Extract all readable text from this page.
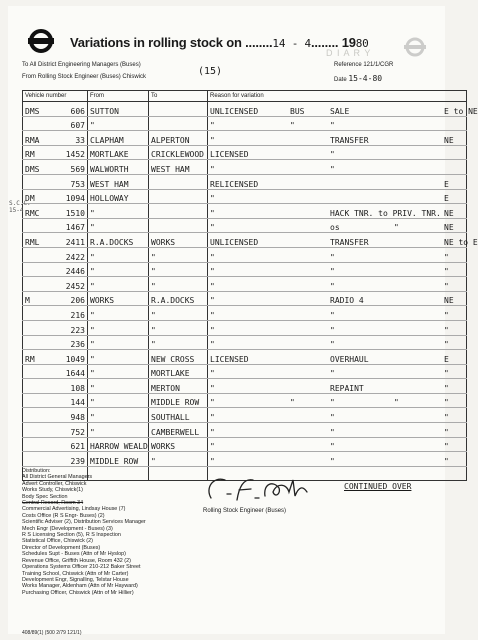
Variations in rolling stock on ........14 - 4........ 1980
D I A R Y
To All District Engineering Managers (Buses)
From Rolling Stock Engineer (Buses) Chiswick	(15)
Reference 121/1/CGR
Date 15-4-80
Vehicle number	From	To	Reason for variation

DMS 606	SUTTON		UNLICENSED BUS SALE E to NE

607	"		" " "

RMA 33	CLAPHAM	ALPERTON	" TRANSFER NE

RM 1452	MORTLAKE	CRICKLEWOOD	LICENSED "

DMS 569	WALWORTH	WEST HAM	" "

753	WEST HAM		RELICENSED E

DM 1094	HOLLOWAY		" E

RMC 1510	"		" HACK TNR. to PRIV. TNR. NE

1467	"		" os " NE

RML 2411	R.A.DOCKS	WORKS	UNLICENSED TRANSFER NE to E

2422	"	"	" " "

2446	"	"	" " "

2452	"	"	" " "

M 206	WORKS	R.A.DOCKS	" RADIO 4 NE

216	"	"	" " "

223	"	"	" " "

236	"	"	" " "

RM 1049	"	NEW CROSS	LICENSED OVERHAUL E

1644	"	MORTLAKE	" " "

108	"	MERTON	" REPAINT "

144	"	MIDDLE ROW	" " " " "

948	"	SOUTHALL	" " "

752	"	CAMBERWELL	" " "

621	HARROW WEALD	WORKS	" " "

239	MIDDLE ROW	"	" " "

S.C.C.
15-4
Distribution:
All District General Managers
Advert Controller, Chiswick
Works Study, Chiswick(1)
Body Spec Section
Central Record, Room 34
Commercial Advertising, Lindsay House (7)
Costs Office (R S Engr- Buses) (2)
Scientific Adviser (2), Distribution Services Manager
Mech Engr (Development - Buses) (3)
R S Licensing Section (5), R S Inspection
Statistical Office, Chiswick (2)
Director of Development (Buses)
Schedules Supt - Buses (Attn of Mr Hyslop)
Revenue Office, Griffith House, Room 432 (2)
Operations Systems Officer 210-212 Baker Street
Training School, Chiswick (Attn of Mr Carter)
Development Engr, Signalling, Telstar House
Works Manager, Aldenham (Attn of Mr Hayward)
Purchasing Officer, Chiswick (Attn of Mr Hillier)
Rolling Stock Engineer (Buses)
CONTINUED OVER
408/89(1) (500 2/79 121/1)
